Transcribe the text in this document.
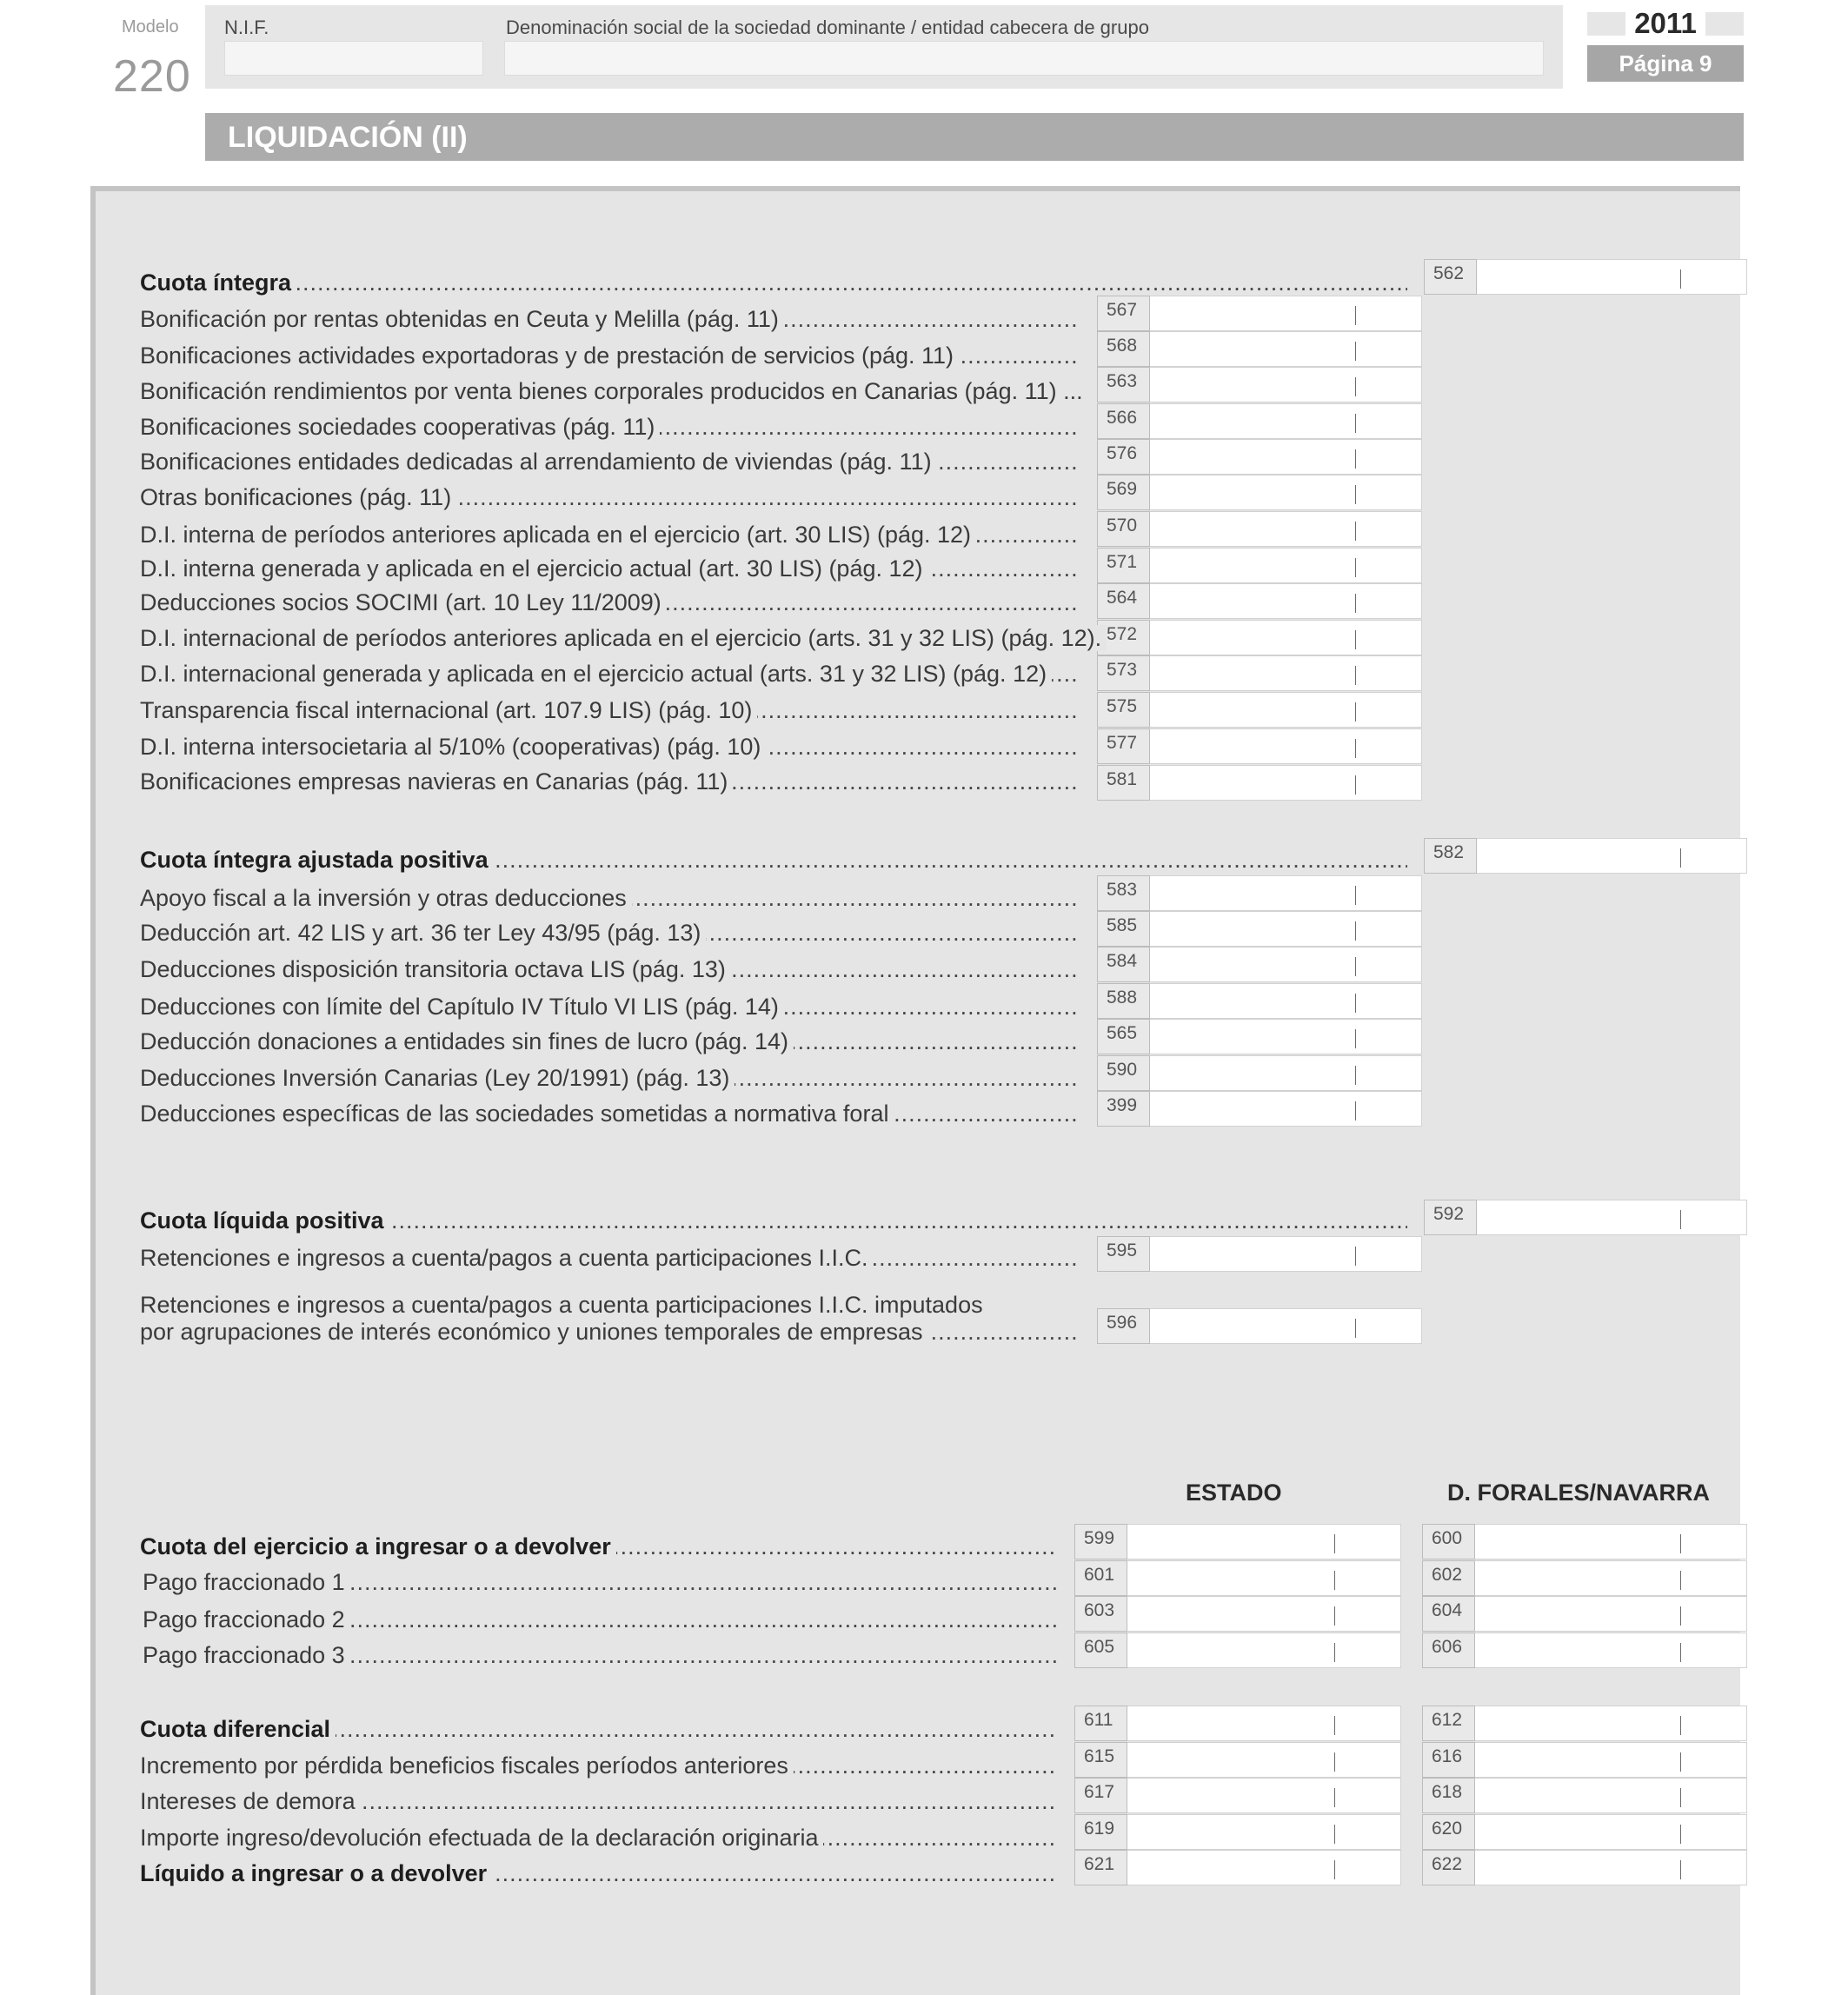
Modelo
220
N.I.F.	Denominación social de la sociedad dominante / entidad cabecera de grupo	2011
Página 9
LIQUIDACIÓN (II)
Cuota íntegra .....	562
Bonificación por rentas obtenidas en Ceuta y Melilla (pág. 11) .....	567
Bonificaciones actividades exportadoras y de prestación de servicios (pág. 11) .....	568
Bonificación rendimientos por venta bienes corporales producidos en Canarias (pág. 11) ...	563
Bonificaciones sociedades cooperativas (pág. 11) .....	566
Bonificaciones entidades dedicadas al arrendamiento de viviendas (pág. 11) .....	576
Otras bonificaciones (pág. 11) .....	569
D.I. interna de períodos anteriores aplicada en el ejercicio (art. 30 LIS) (pág. 12) .....	570
D.I. interna generada y aplicada en el ejercicio actual (art. 30 LIS) (pág. 12) .....	571
Deducciones socios SOCIMI (art. 10 Ley 11/2009) .....	564
D.I. internacional de períodos anteriores aplicada en el ejercicio (arts. 31 y 32 LIS) (pág. 12). 572
D.I. internacional generada y aplicada en el ejercicio actual (arts. 31 y 32 LIS) (pág. 12) .....	573
Transparencia fiscal internacional (art. 107.9 LIS) (pág. 10) .....	575
D.I. interna intersocietaria al 5/10% (cooperativas) (pág. 10) .....	577
Bonificaciones empresas navieras en Canarias (pág. 11) .....	581
Cuota íntegra ajustada positiva .....	582
Apoyo fiscal a la inversión y otras deducciones .....	583
Deducción art. 42 LIS y art. 36 ter Ley 43/95 (pág. 13) .....	585
Deducciones disposición transitoria octava LIS (pág. 13) .....	584
Deducciones con límite del Capítulo IV Título VI LIS (pág. 14) .....	588
Deducción donaciones a entidades sin fines de lucro (pág. 14) .....	565
Deducciones Inversión Canarias (Ley 20/1991) (pág. 13) .....	590
Deducciones específicas de las sociedades sometidas a normativa foral .....	399
Cuota líquida positiva .....	592
Retenciones e ingresos a cuenta/pagos a cuenta participaciones I.I.C. .....	595
Retenciones e ingresos a cuenta/pagos a cuenta participaciones I.I.C. imputados
por agrupaciones de interés económico y uniones temporales de empresas .....	596
ESTADO	D. FORALES/NAVARRA
Cuota del ejercicio a ingresar o a devolver .....	599	600
Pago fraccionado 1 .....	601	602
Pago fraccionado 2 .....	603	604
Pago fraccionado 3 .....	605	606
Cuota diferencial .....	611	612
Incremento por pérdida beneficios fiscales períodos anteriores .....	615	616
Intereses de demora .....	617	618
Importe ingreso/devolución efectuada de la declaración originaria .....	619	620
Líquido a ingresar o a devolver .....	621	622
